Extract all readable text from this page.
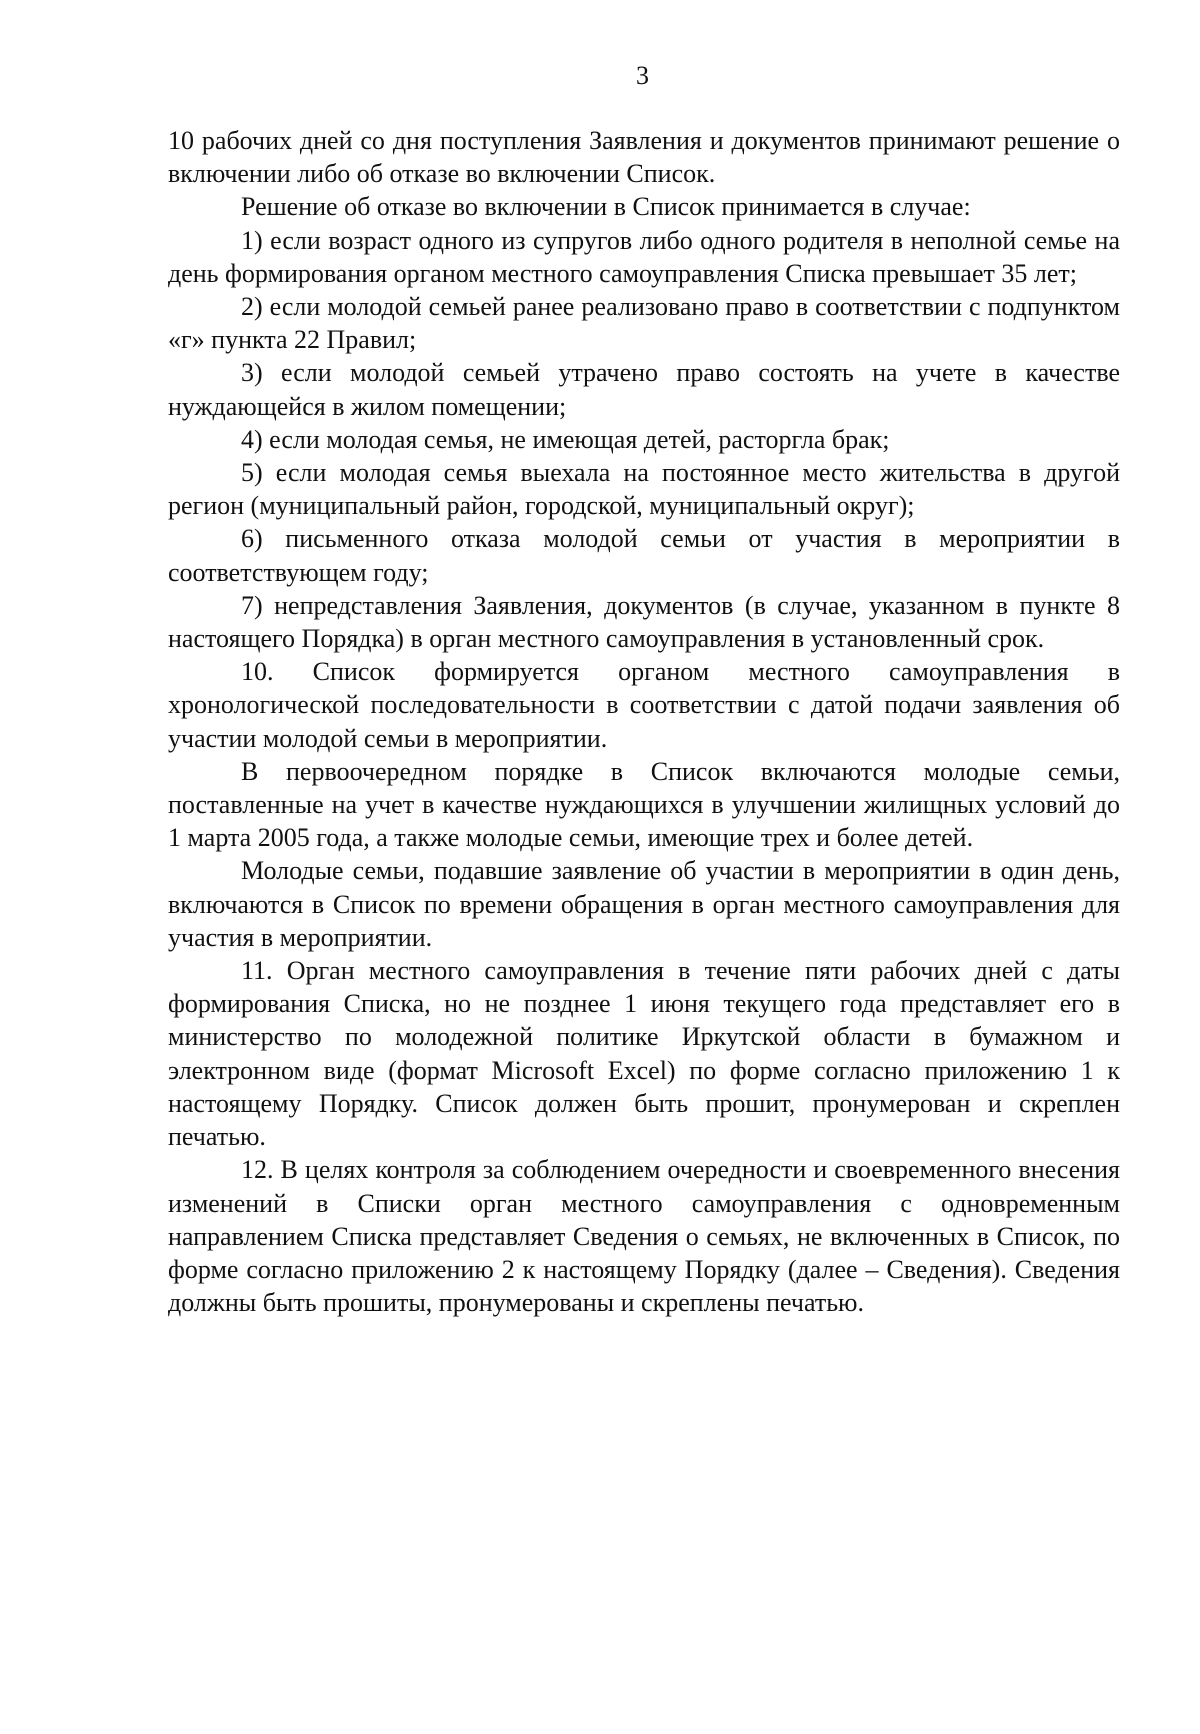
3

10 рабочих дней со дня поступления Заявления и документов принимают решение о включении либо об отказе во включении Список.

Решение об отказе во включении в Список принимается в случае:

1) если возраст одного из супругов либо одного родителя в неполной семье на день формирования органом местного самоуправления Списка превышает 35 лет;

2) если молодой семьей ранее реализовано право в соответствии с подпунктом «г» пункта 22 Правил;

3) если молодой семьей утрачено право состоять на учете в качестве нуждающейся в жилом помещении;

4) если молодая семья, не имеющая детей, расторгла брак;

5) если молодая семья выехала на постоянное место жительства в другой регион (муниципальный район, городской, муниципальный округ);

6) письменного отказа молодой семьи от участия в мероприятии в соответствующем году;

7) непредставления Заявления, документов (в случае, указанном в пункте 8 настоящего Порядка) в орган местного самоуправления в установленный срок.

10. Список формируется органом местного самоуправления в хронологической последовательности в соответствии с датой подачи заявления об участии молодой семьи в мероприятии.

В первоочередном порядке в Список включаются молодые семьи, поставленные на учет в качестве нуждающихся в улучшении жилищных условий до 1 марта 2005 года, а также молодые семьи, имеющие трех и более детей.

Молодые семьи, подавшие заявление об участии в мероприятии в один день, включаются в Список по времени обращения в орган местного самоуправления для участия в мероприятии.

11. Орган местного самоуправления в течение пяти рабочих дней с даты формирования Списка, но не позднее 1 июня текущего года представляет его в министерство по молодежной политике Иркутской области в бумажном и электронном виде (формат Microsoft Excel) по форме согласно приложению 1 к настоящему Порядку. Список должен быть прошит, пронумерован и скреплен печатью.

12. В целях контроля за соблюдением очередности и своевременного внесения изменений в Списки орган местного самоуправления с одновременным направлением Списка представляет Сведения о семьях, не включенных в Список, по форме согласно приложению 2 к настоящему Порядку (далее – Сведения). Сведения должны быть прошиты, пронумерованы и скреплены печатью.
